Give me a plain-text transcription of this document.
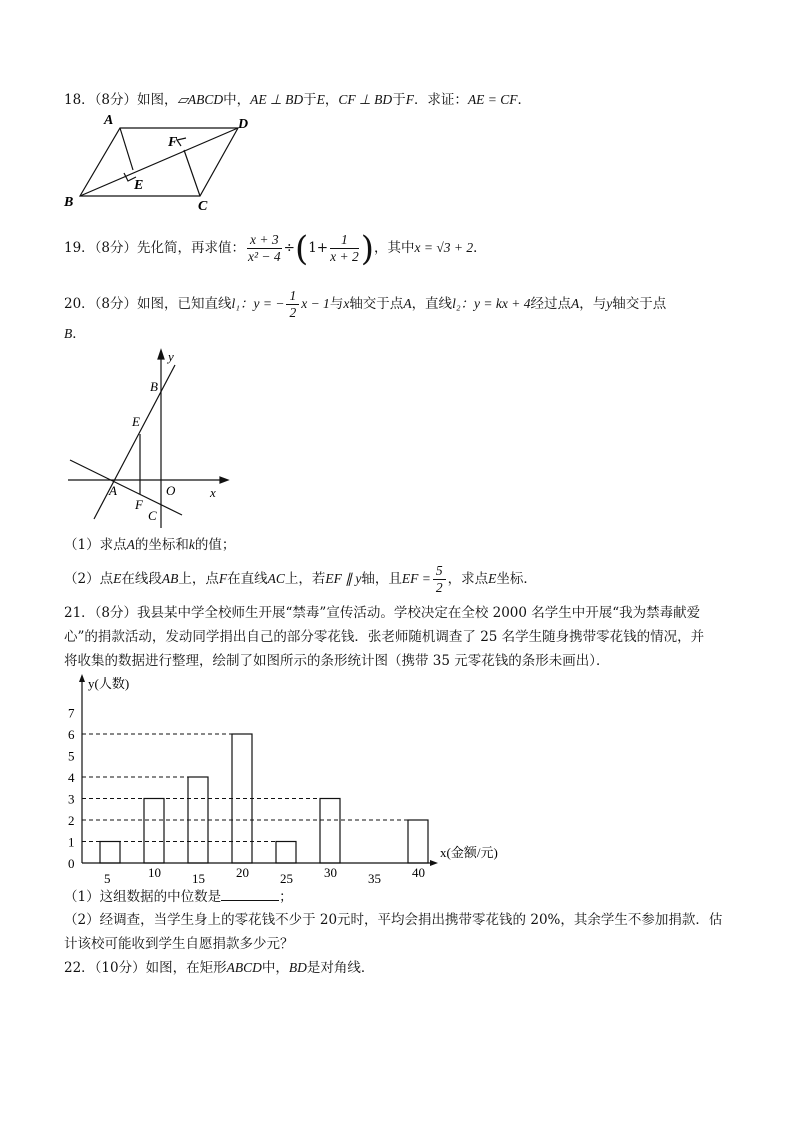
18．（8分）如图，▱ABCD中，AE ⊥ BD于E，CF ⊥ BD于F．求证：AE = CF．
A	D
F
E
B	C
19．（8分）先化简，再求值： $\frac{x + 3}{\text{x² − 4}} \div(1+ \frac{1}{x + 2}$ )，其中x = √3 + 2．
20．（8分）如图，已知直线l₁：y = − $\frac{1}{2}$ x − 1与x轴交于点A，直线l₂：y = kx + 4经过点A，与y轴交于点
B．
y
B
E
A	O	x
F
C
（1）求点A的坐标和k的值；
（2）点E在线段AB上，点F在直线AC上，若EF ∥ y轴，且EF = $\frac{5}{2}$ ，求点E坐标．
21．（8分）我县某中学全校师生开展“禁毒”宣传活动。学校决定在全校 2000 名学生中开展“我为禁毒献爱
心”的捐款活动，发动同学捐出自己的部分零花钱．张老师随机调查了 25 名学生随身携带零花钱的情况，并
将收集的数据进行整理，绘制了如图所示的条形统计图（携带 35 元零花钱的条形未画出）．
y(人数)
x(金额/元)
0
1
2
3
4
5
6
7
5	10 15 20 25 30 35 40
（1）这组数据的中位数是	；
（2）经调查，当学生身上的零花钱不少于 20元时，平均会捐出携带零花钱的 20%，其余学生不参加捐款．估
计该校可能收到学生自愿捐款多少元？
22．（10分）如图，在矩形ABCD中，BD是对角线．
